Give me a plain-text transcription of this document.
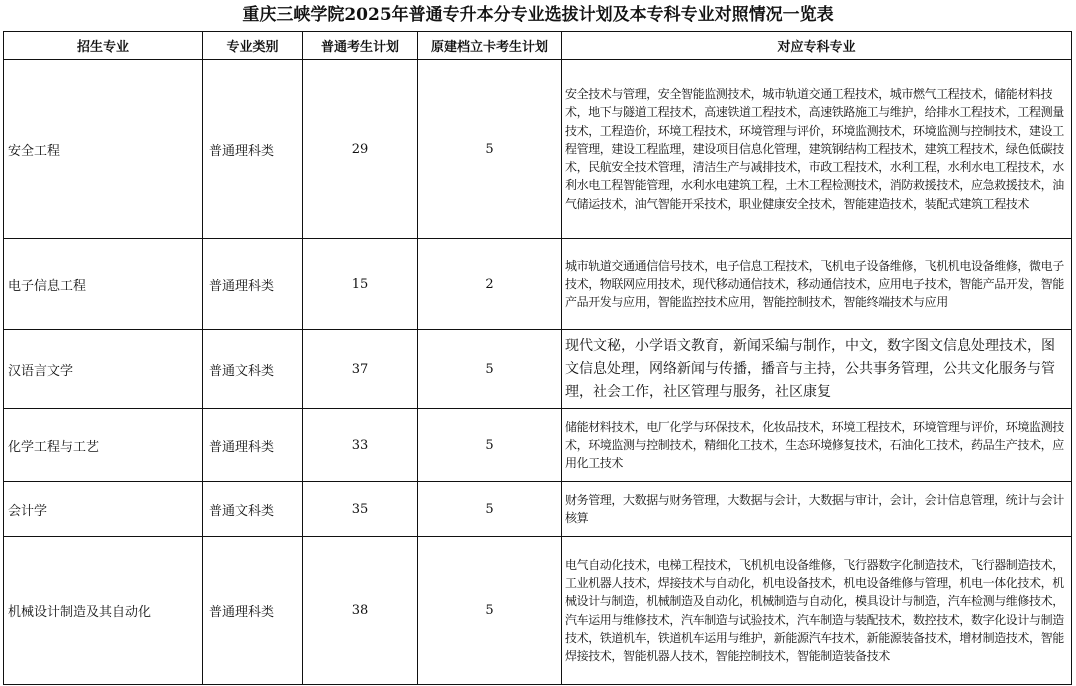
重庆三峡学院2025年普通专升本分专业选拔计划及本专科专业对照情况一览表
招生专业	专业类别	普通考生计划	原建档立卡考生计划	对应专科专业
安全工程	普通理科类	29	5	安全技术与管理，安全智能监测技术，城市轨道交通工程技术，城市燃气工程技术，储能材料技术，地下与隧道工程技术，高速铁道工程技术，高速铁路施工与维护，给排水工程技术，工程测量技术，工程造价，环境工程技术，环境管理与评价，环境监测技术，环境监测与控制技术，建设工程管理，建设工程监理，建设项目信息化管理，建筑钢结构工程技术，建筑工程技术，绿色低碳技术，民航安全技术管理，清洁生产与减排技术，市政工程技术，水利工程，水利水电工程技术，水利水电工程智能管理，水利水电建筑工程，土木工程检测技术，消防救援技术，应急救援技术，油气储运技术，油气智能开采技术，职业健康安全技术，智能建造技术，装配式建筑工程技术
电子信息工程	普通理科类	15	2	城市轨道交通通信信号技术，电子信息工程技术，飞机电子设备维修，飞机机电设备维修，微电子技术，物联网应用技术，现代移动通信技术，移动通信技术，应用电子技术，智能产品开发，智能产品开发与应用，智能监控技术应用，智能控制技术，智能终端技术与应用
汉语言文学	普通文科类	37	5	现代文秘，小学语文教育，新闻采编与制作，中文，数字图文信息处理技术，图文信息处理，网络新闻与传播，播音与主持，公共事务管理，公共文化服务与管理，社会工作，社区管理与服务，社区康复
化学工程与工艺	普通理科类	33	5	储能材料技术，电厂化学与环保技术，化妆品技术，环境工程技术，环境管理与评价，环境监测技术，环境监测与控制技术，精细化工技术，生态环境修复技术，石油化工技术，药品生产技术，应用化工技术
会计学	普通文科类	35	5	财务管理，大数据与财务管理，大数据与会计，大数据与审计，会计，会计信息管理，统计与会计核算
机械设计制造及其自动化	普通理科类	38	5	电气自动化技术，电梯工程技术，飞机机电设备维修，飞行器数字化制造技术，飞行器制造技术，工业机器人技术，焊接技术与自动化，机电设备技术，机电设备维修与管理，机电一体化技术，机械设计与制造，机械制造及自动化，机械制造与自动化，模具设计与制造，汽车检测与维修技术，汽车运用与维修技术，汽车制造与试验技术，汽车制造与装配技术，数控技术，数字化设计与制造技术，铁道机车，铁道机车运用与维护，新能源汽车技术，新能源装备技术，增材制造技术，智能焊接技术，智能机器人技术，智能控制技术，智能制造装备技术
